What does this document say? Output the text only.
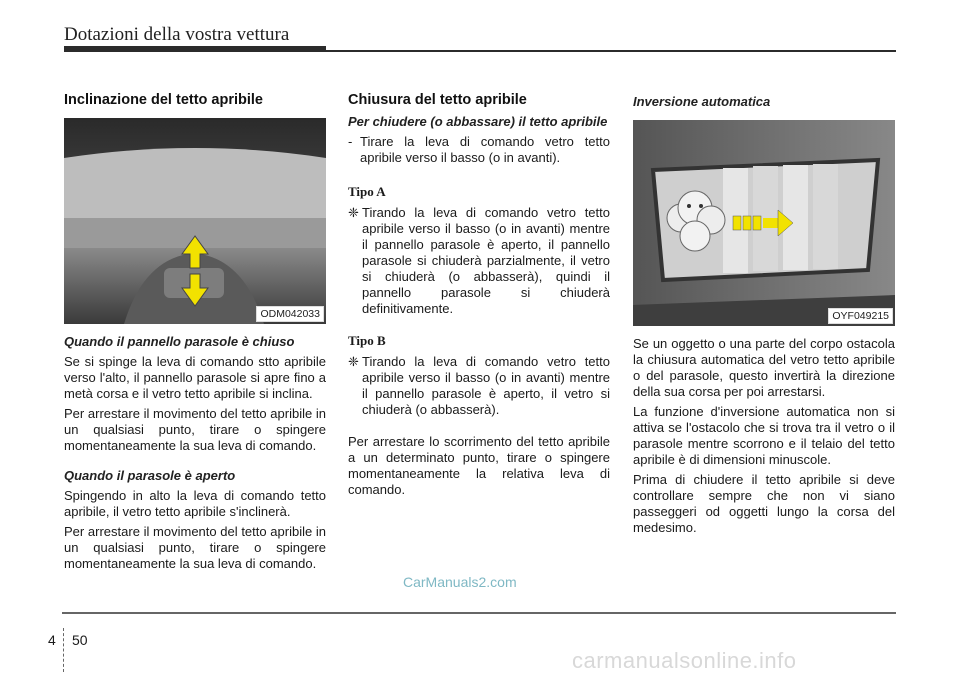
Dotazioni della vostra vettura
Inclinazione del tetto apribile
ODM042033
Quando il pannello parasole è chiuso

Se si spinge la leva di comando stto apribile verso l'alto, il pannello parasole si apre fino a metà corsa e il vetro tetto apribile si inclina.

Per arrestare il movimento del tetto apribile in un qualsiasi punto, tirare o spingere momentaneamente la sua leva di comando.

Quando il parasole è aperto

Spingendo in alto la leva di comando tetto apribile, il vetro tetto apribile s'inclinerà.

Per arrestare il movimento del tetto apribile in un qualsiasi punto, tirare o spingere momentaneamente la sua leva di comando.

Chiusura del tetto apribile
Per chiudere (o abbassare) il tetto apribile
- Tirare la leva di comando vetro tetto apribile verso il basso (o in avanti).
Tipo A
❈ Tirando la leva di comando vetro tetto apribile verso il basso (o in avanti) mentre il pannello parasole è aperto, il pannello parasole si chiuderà parzialmente, il vetro si chiuderà (o abbasserà), quindi il pannello parasole si chiuderà definitivamente.
Tipo B
❈ Tirando la leva di comando vetro tetto apribile verso il basso (o in avanti) mentre il pannello parasole è aperto, il vetro si chiuderà (o abbasserà).

Per arrestare lo scorrimento del tetto apribile a un determinato punto, tirare o spingere momentaneamente la relativa leva di comando.

Inversione automatica
OYF049215

Se un oggetto o una parte del corpo ostacola la chiusura automatica del vetro tetto apribile o del parasole, questo invertirà la direzione della sua corsa per poi arrestarsi.

La funzione d'inversione automatica non si attiva se l'ostacolo che si trova tra il vetro o il parasole mentre scorrono e il telaio del tetto apribile è di dimensioni minuscole.

Prima di chiudere il tetto apribile si deve controllare sempre che non vi siano passeggeri od oggetti lungo la corsa del medesimo.

CarManuals2.com
4 50
carmanualsonline.info
